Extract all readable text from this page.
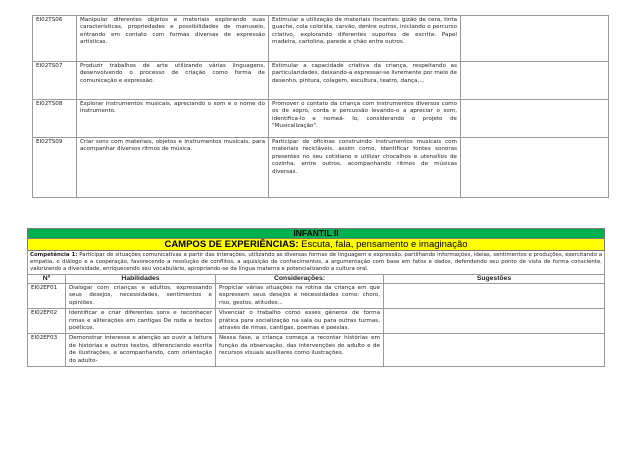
EI02TS06	Manipular diferentes objetos e materiais explorando suas características, propriedades e possibilidades de manuseio, entrando em contato com formas diversas de expressão artísticas.	Estimular a utilização de materiais riscantes: gizão de cera, tinta guache, cola colorida, carvão, dentre outros, iniciando o percurso criativo, explorando diferentes suportes de escrita: Papel madeira, cartolina, parede e chão entre outros.	
EI02TS07	Produzir trabalhos de arte utilizando várias linguagens, desenvolvendo o processo de criação como forma de comunicação e expressão.	Estimular a capacidade criativa da criança, respeitando as particularidades, deixando-a expressar-se livremente por meio de desenho, pintura, colagem, escultura, teatro, dança,...	
EI02TS08	Explorar instrumentos musicais, apreciando o som e o nome do instrumento.	Promover o contato da criança com instrumentos diversos como os de sopro, corda e percussão levando-o a apreciar o som, identifica-lo e nomeá- lo, considerando o projeto de "Musicalização".	
EI02TS09	Criar sons com materiais, objetos e instrumentos musicais, para acompanhar diversos ritmos de música.	Participar de oficinas construindo instrumentos musicais com materiais recicláveis, assim como, identificar fontes sonoras presentes no seu cotidiano e utilizar chocalhos e utensílios de cozinha, entre outros, acompanhando ritmos de músicas diversas.	
INFANTIL II			
CAMPOS DE EXPERIÊNCIAS: Escuta, fala, pensamento e imaginação			
Competência 1: Participar de situações comunicativas a partir das interações, utilizando as diversas formas de linguagem e expressão, partilhando informações, ideias, sentimentos e produções, exercitando a empatia, o diálogo e a cooperação, favorecendo a resolução de conflitos, a aquisição de conhecimentos, a argumentação com base em fatos e dados, defendendo seu ponto de vista de forma consciente, valorizando a diversidade, enriquecendo seu vocabulário, apropriando-se da língua materna e potencializando a cultura oral.			
Nº	Habilidades	Considerações:	Sugestões
EI02EF01	Dialogar com crianças e adultos, expressando seus desejos, necessidades, sentimentos e opiniões.	Propiciar várias situações na rotina da criança em que expressem seus desejos e necessidades como: choro, riso, gestos, atitudes...	
EI02EF02	Identificar e criar diferentes sons e reconhecer rimas e aliterações em cantigas De roda e textos poéticos.	Vivenciar o trabalho como esses gêneros de forma prática para socialização na sala ou para outras turmas, através de rimas, cantigas, poemas e poesias.	
EI02EF03	Demonstrar interesse e atenção ao ouvir a leitura de histórias e outros textos, diferenciando escrita de ilustrações, e acompanhando, com orientação do adulto-	Nessa fase, a criança começa a recontar histórias em função da observação, das intervenções do adulto e de recursos visuais auxiliares como ilustrações.	
